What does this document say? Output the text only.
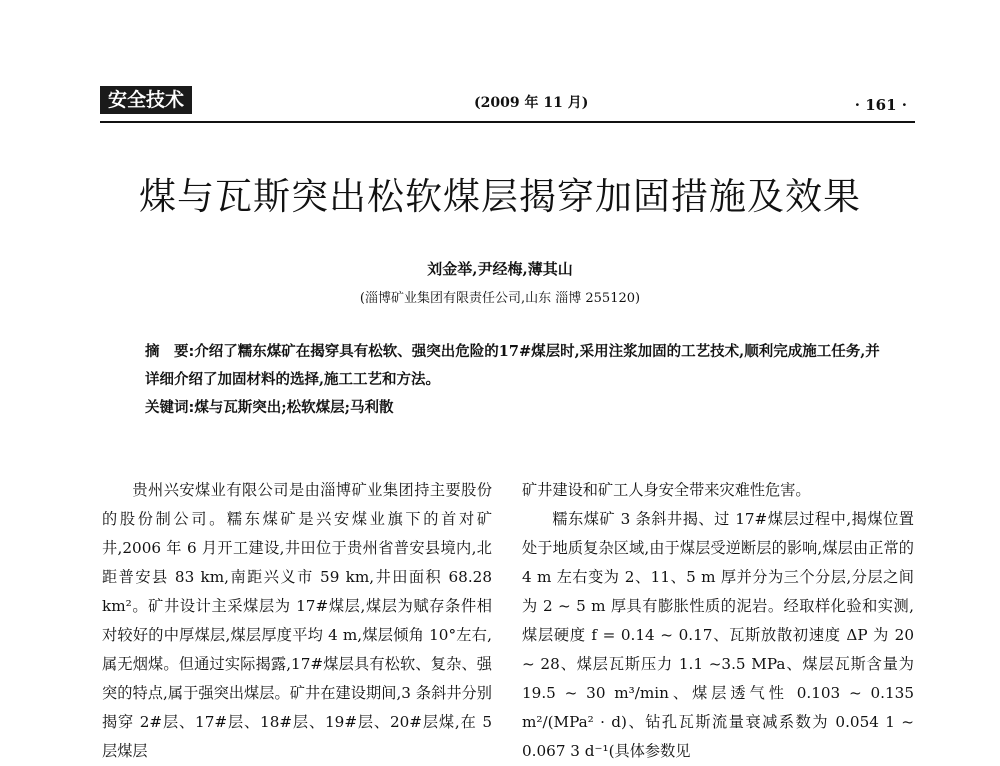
安全技术	(2009 年 11 月)	· 161 ·
煤与瓦斯突出松软煤层揭穿加固措施及效果
刘金举,尹经梅,薄其山
(淄博矿业集团有限责任公司,山东 淄博 255120)

摘　要:介绍了糯东煤矿在揭穿具有松软、强突出危险的17#煤层时,采用注浆加固的工艺技术,顺利完成施工任务,并详细介绍了加固材料的选择,施工工艺和方法。

关键词:煤与瓦斯突出;松软煤层;马利散

贵州兴安煤业有限公司是由淄博矿业集团持主要股份的股份制公司。糯东煤矿是兴安煤业旗下的首对矿井,2006 年 6 月开工建设,井田位于贵州省普安县境内,北距普安县 83 km,南距兴义市 59 km,井田面积 68.28 km²。矿井设计主采煤层为 17#煤层,煤层为赋存条件相对较好的中厚煤层,煤层厚度平均 4 m,煤层倾角 10°左右,属无烟煤。但通过实际揭露,17#煤层具有松软、复杂、强突的特点,属于强突出煤层。矿井在建设期间,3 条斜井分别揭穿 2#层、17#层、18#层、19#层、20#层煤,在 5 层煤层

矿井建设和矿工人身安全带来灾难性危害。

糯东煤矿 3 条斜井揭、过 17#煤层过程中,揭煤位置处于地质复杂区域,由于煤层受逆断层的影响,煤层由正常的 4 m 左右变为 2、11、5 m 厚并分为三个分层,分层之间为 2 ~ 5 m 厚具有膨胀性质的泥岩。经取样化验和实测,煤层硬度 f = 0.14 ~ 0.17、瓦斯放散初速度 ΔP 为 20 ~ 28、煤层瓦斯压力 1.1 ~3.5 MPa、煤层瓦斯含量为 19.5 ~ 30 m³/min、煤层透气性 0.103 ~ 0.135 m²/(MPa² · d)、钻孔瓦斯流量衰减系数为 0.054 1 ~ 0.067 3 d⁻¹(具体参数见
